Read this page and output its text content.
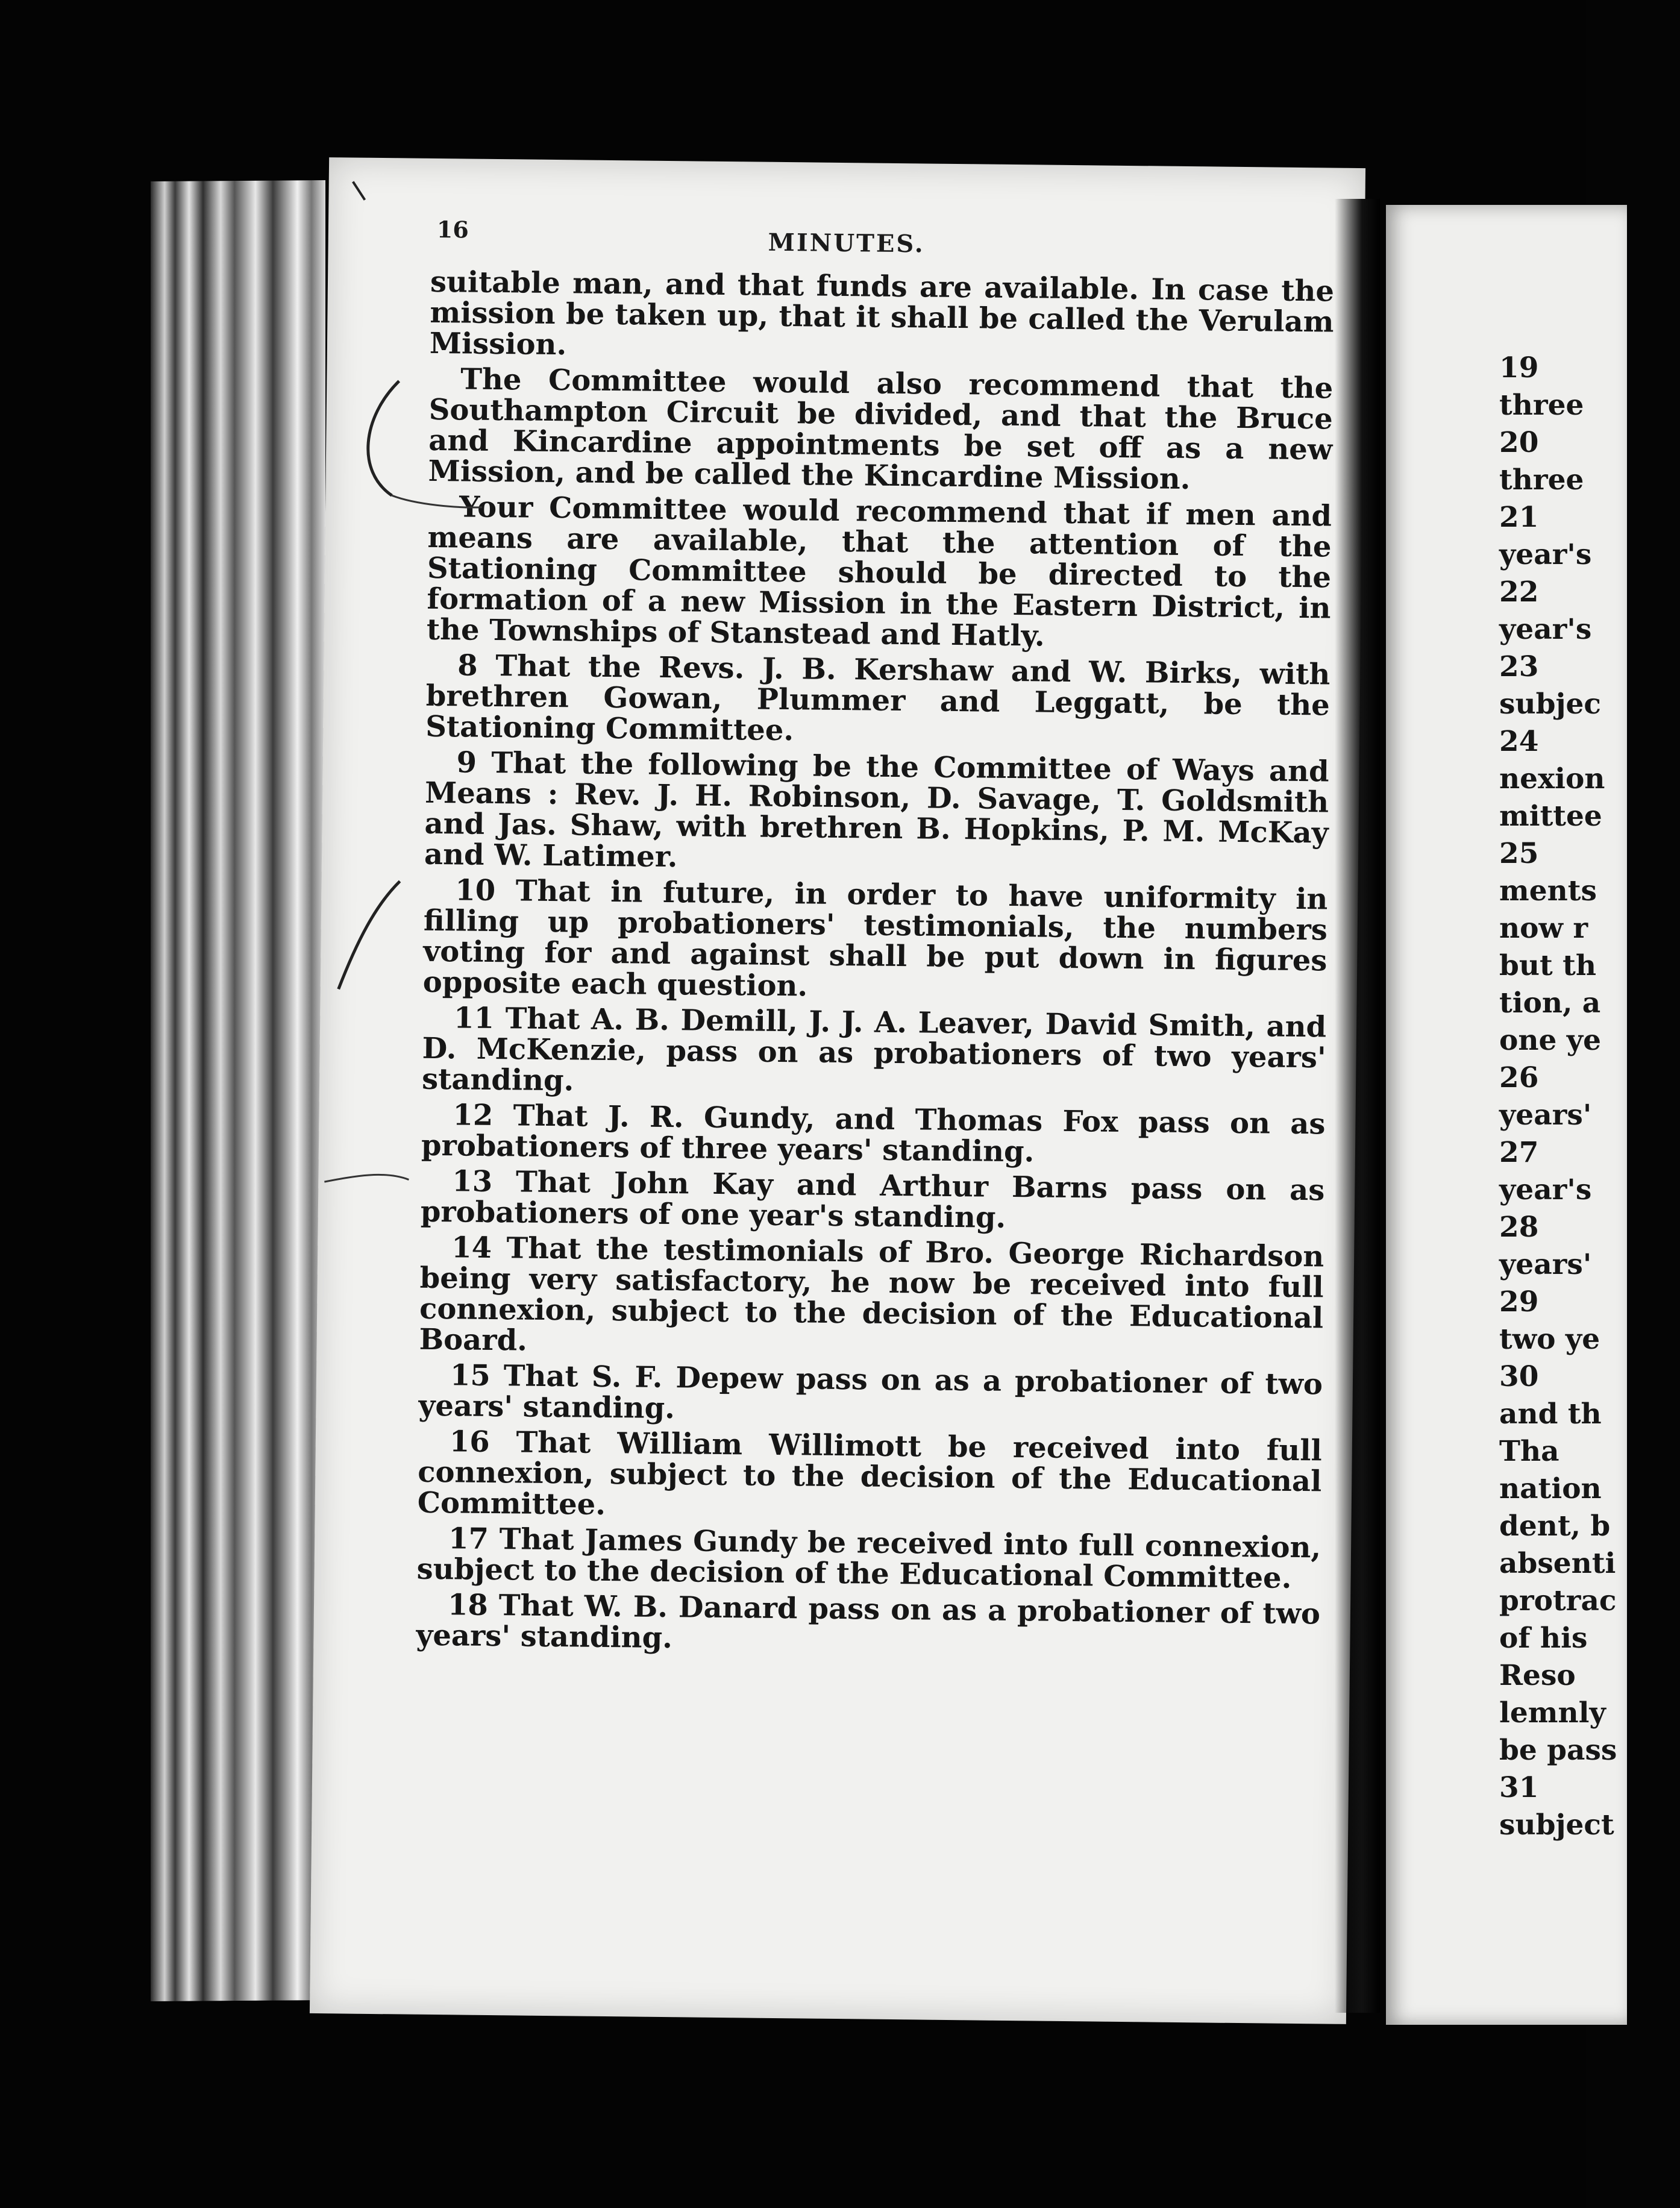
16	MINUTES.

suitable man, and that funds are available. In case the mission be taken up, that it shall be called the Verulam Mission.

The Committee would also recommend that the Southampton Circuit be divided, and that the Bruce and Kincardine appointments be set off as a new Mission, and be called the Kincardine Mission.

Your Committee would recommend that if men and means are available, that the attention of the Stationing Committee should be directed to the formation of a new Mission in the Eastern District, in the Townships of Stanstead and Hatly.

8 That the Revs. J. B. Kershaw and W. Birks, with brethren Gowan, Plummer and Leggatt, be the Stationing Committee.

9 That the following be the Committee of Ways and Means : Rev. J. H. Robinson, D. Savage, T. Goldsmith and Jas. Shaw, with brethren B. Hopkins, P. M. McKay and W. Latimer.

10 That in future, in order to have uniformity in filling up probationers' testimonials, the numbers voting for and against shall be put down in figures opposite each question.

11 That A. B. Demill, J. J. A. Leaver, David Smith, and D. McKenzie, pass on as probationers of two years' standing.

12 That J. R. Gundy, and Thomas Fox pass on as probationers of three years' standing.

13 That John Kay and Arthur Barns pass on as probationers of one year's standing.

14 That the testimonials of Bro. George Richardson being very satisfactory, he now be received into full connexion, subject to the decision of the Educational Board.

15 That S. F. Depew pass on as a probationer of two years' standing.

16 That William Willimott be received into full connexion, subject to the decision of the Educational Committee.

17 That James Gundy be received into full connexion, subject to the decision of the Educational Committee.

18 That W. B. Danard pass on as a probationer of two years' standing.

19
three
20
three
21
year's
22
year's
23
subjec
24
nexion
mittee
25
ments
now r
but th
tion, a
one ye
26
years'
27
year's
28
years'
29
two ye
30
and th
Tha
nation
dent, b
absenti
protrac
of his
Reso
lemnly
be pass
31
subject
